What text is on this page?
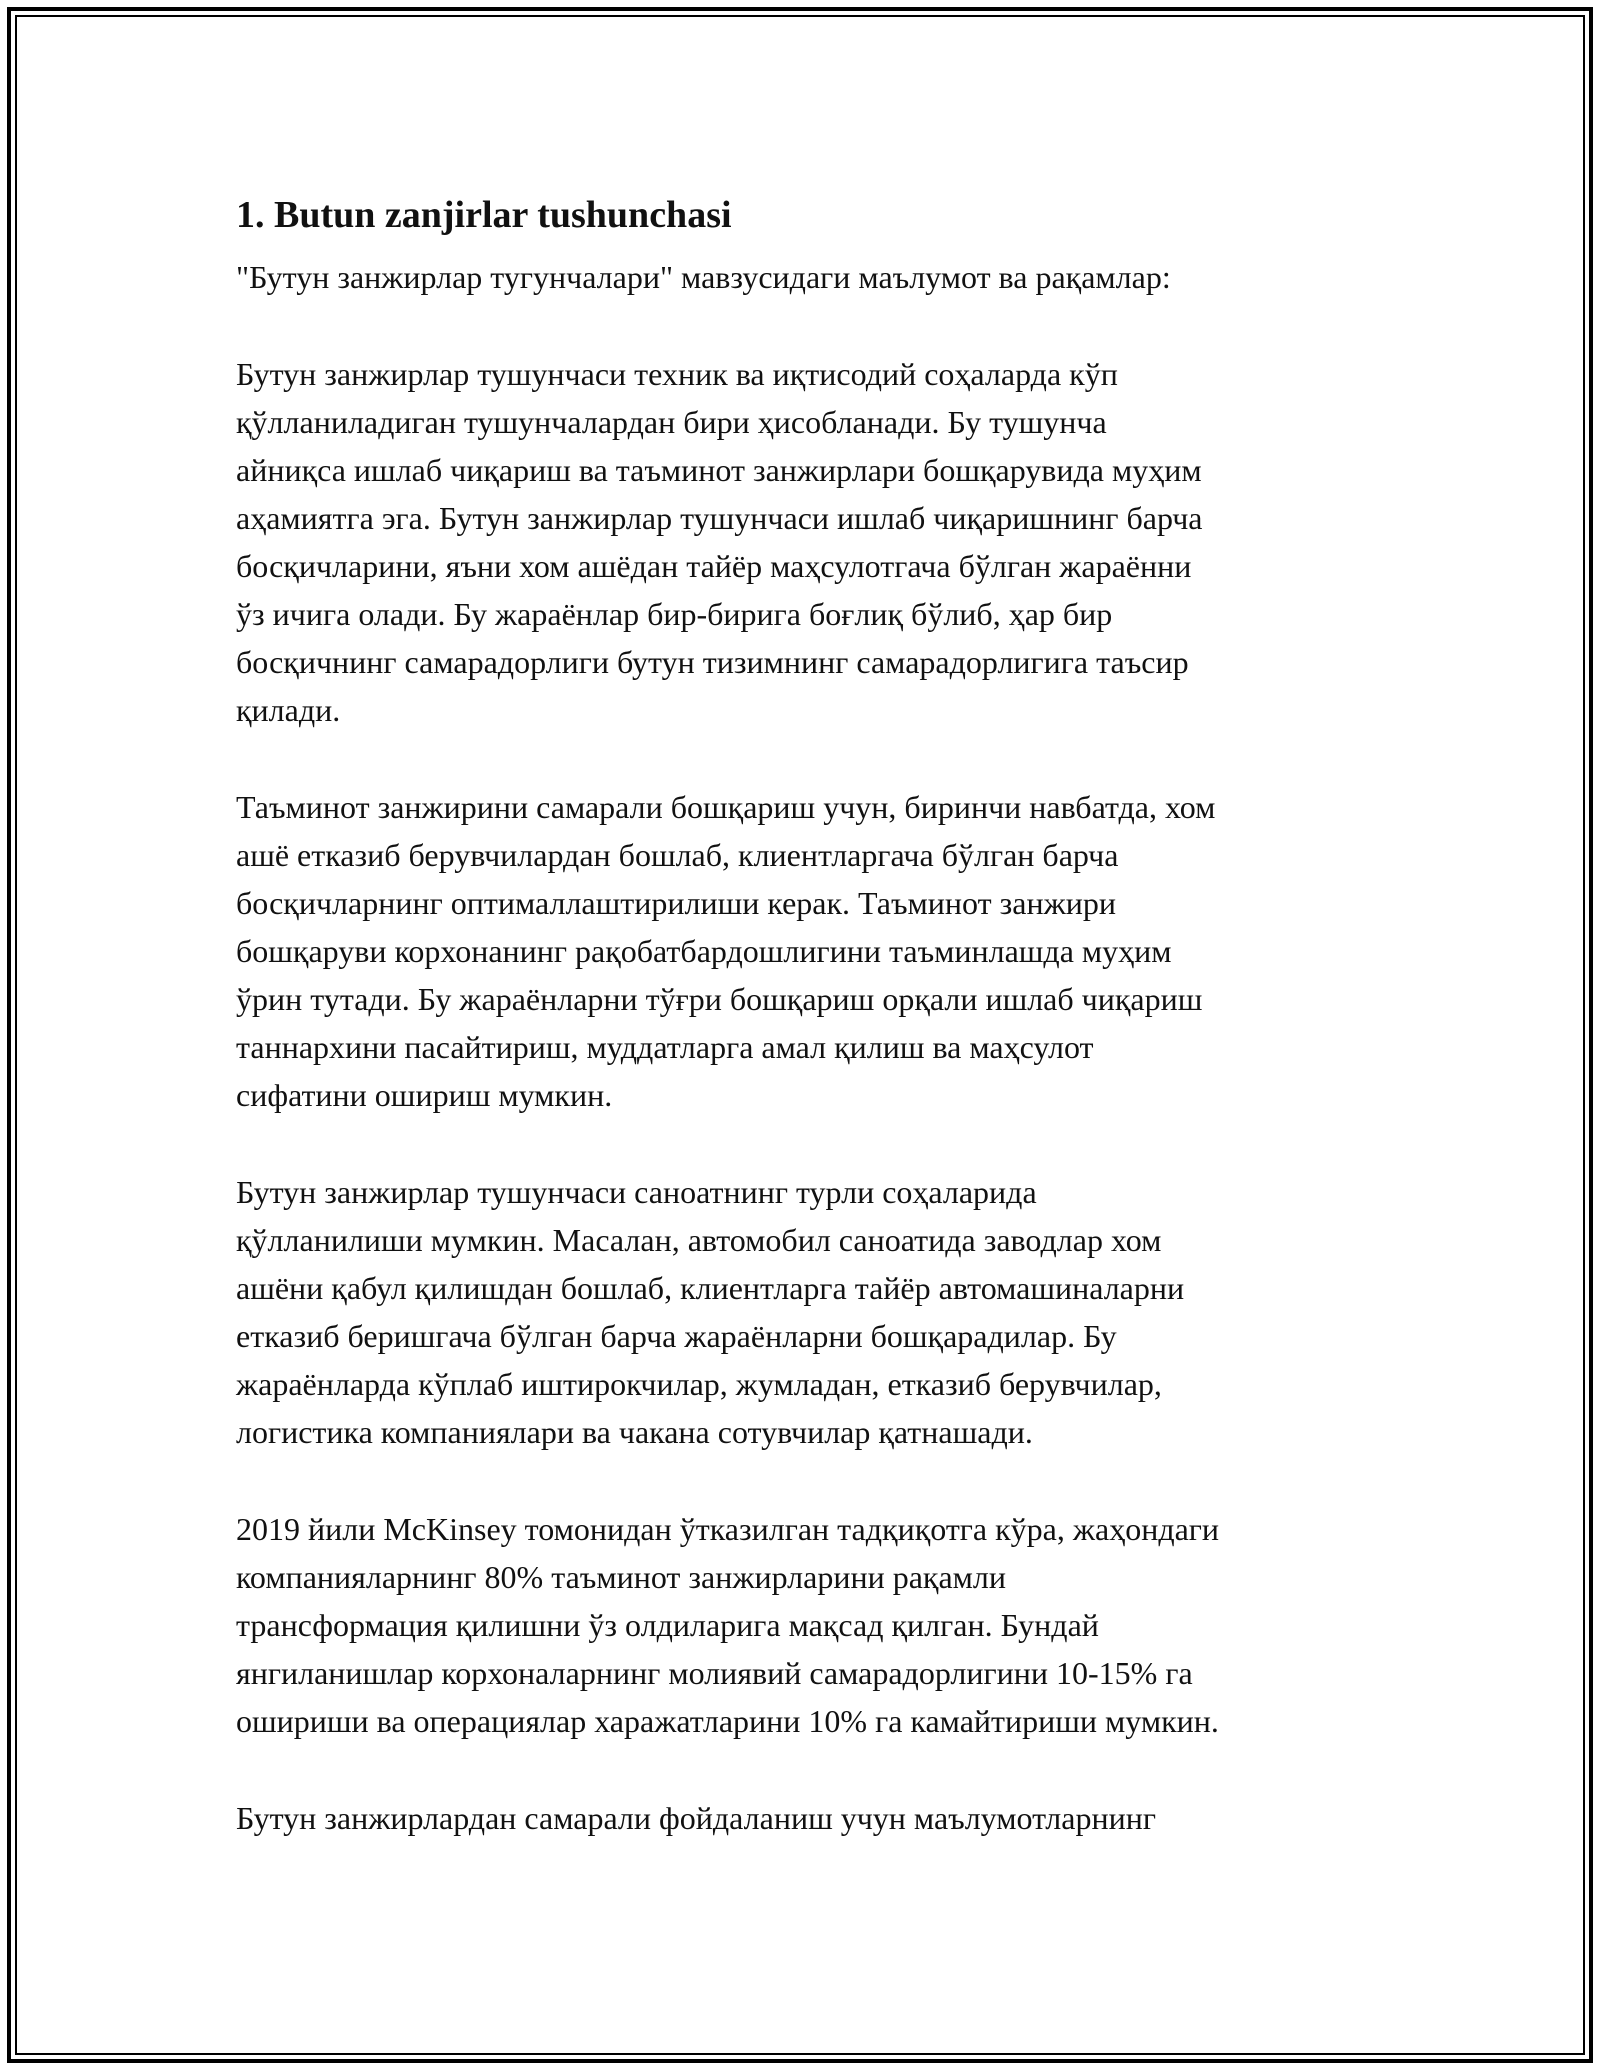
1. Butun zanjirlar tushunchasi

"Бутун занжирлар тугунчалари" мавзусидаги маълумот ва рақамлар:

Бутун занжирлар тушунчаси техник ва иқтисодий соҳаларда кўп
қўлланиладиган тушунчалардан бири ҳисобланади. Бу тушунча
айниқса ишлаб чиқариш ва таъминот занжирлари бошқарувида муҳим
аҳамиятга эга. Бутун занжирлар тушунчаси ишлаб чиқаришнинг барча
босқичларини, яъни хом ашёдан тайёр маҳсулотгача бўлган жараённи
ўз ичига олади. Бу жараёнлар бир-бирига боғлиқ бўлиб, ҳар бир
босқичнинг самарадорлиги бутун тизимнинг самарадорлигига таъсир
қилади.

Таъминот занжирини самарали бошқариш учун, биринчи навбатда, хом
ашё етказиб берувчилардан бошлаб, клиентларгача бўлган барча
босқичларнинг оптималлаштирилиши керак. Таъминот занжири
бошқаруви корхонанинг рақобатбардошлигини таъминлашда муҳим
ўрин тутади. Бу жараёнларни тўғри бошқариш орқали ишлаб чиқариш
таннархини пасайтириш, муддатларга амал қилиш ва маҳсулот
сифатини ошириш мумкин.

Бутун занжирлар тушунчаси саноатнинг турли соҳаларида
қўлланилиши мумкин. Масалан, автомобил саноатида заводлар хом
ашёни қабул қилишдан бошлаб, клиентларга тайёр автомашиналарни
етказиб беришгача бўлган барча жараёнларни бошқарадилар. Бу
жараёнларда кўплаб иштирокчилар, жумладан, етказиб берувчилар,
логистика компаниялари ва чакана сотувчилар қатнашади.

2019 йили McKinsey томонидан ўтказилган тадқиқотга кўра, жаҳондаги
компанияларнинг 80% таъминот занжирларини рақамли
трансформация қилишни ўз олдиларига мақсад қилган. Бундай
янгиланишлар корхоналарнинг молиявий самарадорлигини 10-15% га
ошириши ва операциялар харажатларини 10% га камайтириши мумкин.

Бутун занжирлардан самарали фойдаланиш учун маълумотларнинг
